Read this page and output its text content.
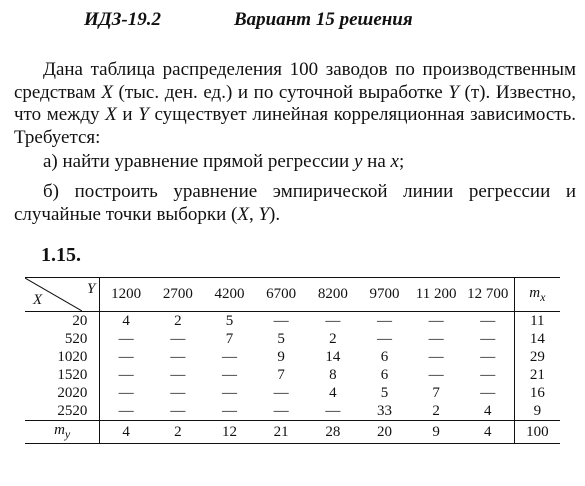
ИДЗ-19.2	Вариант 15 решения
Дана таблица распределения 100 заводов по производственным средствам X (тыс. ден. ед.) и по суточной выработке Y (т). Известно, что между X и Y существует линейная корреляционная зависимость. Требуется:
а) найти уравнение прямой регрессии y на x;
б) построить уравнение эмпирической линии регрессии и случайные точки выборки (X, Y).
1.15.
Y
X	1200	2700	4200	6700	8200	9700	11 200	12 700	$m_x$
20	4	2	5	—	—	—	—	—	11
520	—	—	7	5	2	—	—	—	14
1020	—	—	—	9	14	6	—	—	29
1520	—	—	—	7	8	6	—	—	21
2020	—	—	—	—	4	5	7	—	16
2520	—	—	—	—	—	33	2	4	9
$m_y$	4	2	12	21	28	20	9	4	100
